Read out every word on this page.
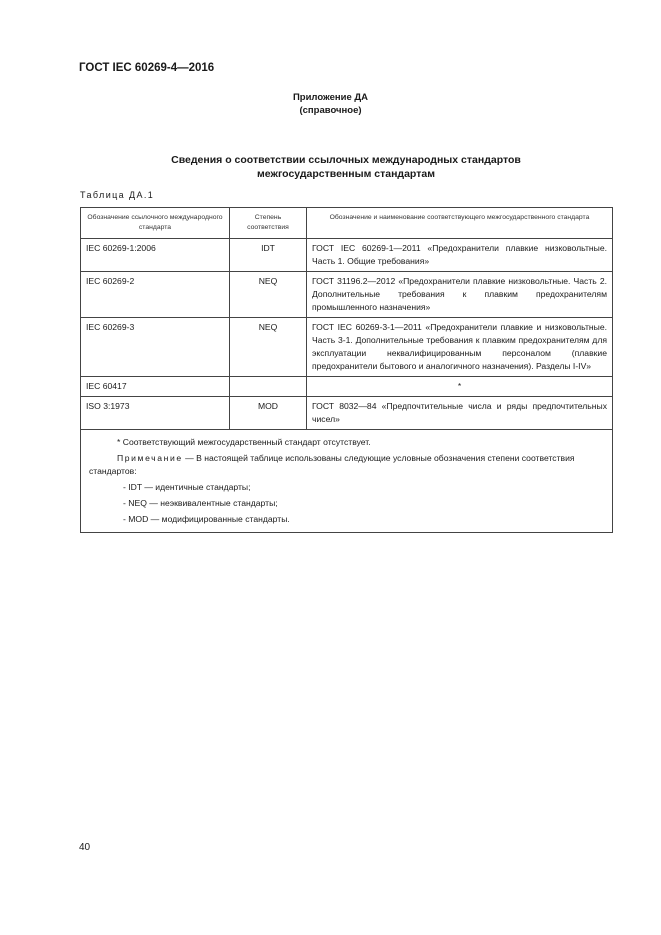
ГОСТ IEC 60269-4—2016
Приложение ДА
(справочное)
Сведения о соответствии ссылочных международных стандартов
межгосударственным стандартам
Таблица ДА.1
Обозначение ссылочного международного стандарта	Степень соответствия	Обозначение и наименование соответствующего межгосударственного стандарта
IEC 60269-1:2006	IDT	ГОСТ IEC 60269-1—2011 «Предохранители плавкие низковольтные. Часть 1. Общие требования»
IEC 60269-2	NEQ	ГОСТ 31196.2—2012 «Предохранители плавкие низковольтные. Часть 2. Дополнительные требования к плавким предохранителям промышленного назначения»
IEC 60269-3	NEQ	ГОСТ IEC 60269-3-1—2011 «Предохранители плавкие и низковольтные. Часть 3-1. Дополнительные требования к плавким предохранителям для эксплуатации неквалифицированным персоналом (плавкие предохранители бытового и аналогичного назначения). Разделы I-IV»
IEC 60417		*
ISO 3:1973	MOD	ГОСТ 8032—84 «Предпочтительные числа и ряды предпочтительных чисел»

* Соответствующий межгосударственный стандарт отсутствует.

Примечание — В настоящей таблице использованы следующие условные обозначения степени соответствия стандартов:

- IDT — идентичные стандарты;

- NEQ — неэквивалентные стандарты;

- MOD — модифицированные стандарты.		

40
